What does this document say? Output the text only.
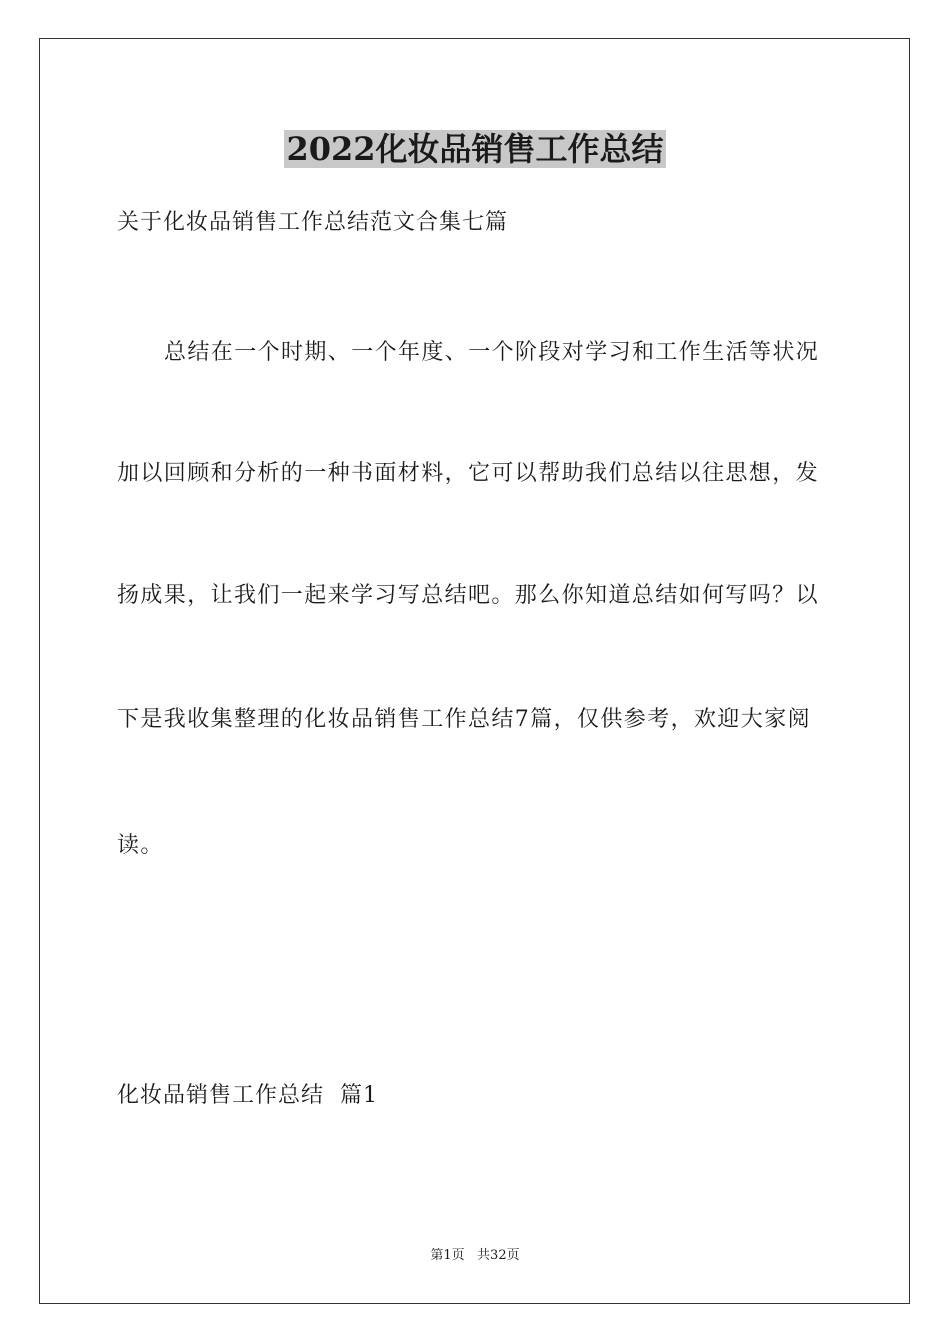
2022化妆品销售工作总结
关于化妆品销售工作总结范文合集七篇
总结在一个时期、一个年度、一个阶段对学习和工作生活等状况
加以回顾和分析的一种书面材料，它可以帮助我们总结以往思想，发
扬成果，让我们一起来学习写总结吧。那么你知道总结如何写吗？以
下是我收集整理的化妆品销售工作总结7篇，仅供参考，欢迎大家阅
读。
化妆品销售工作总结  篇1
第1页   共32页
